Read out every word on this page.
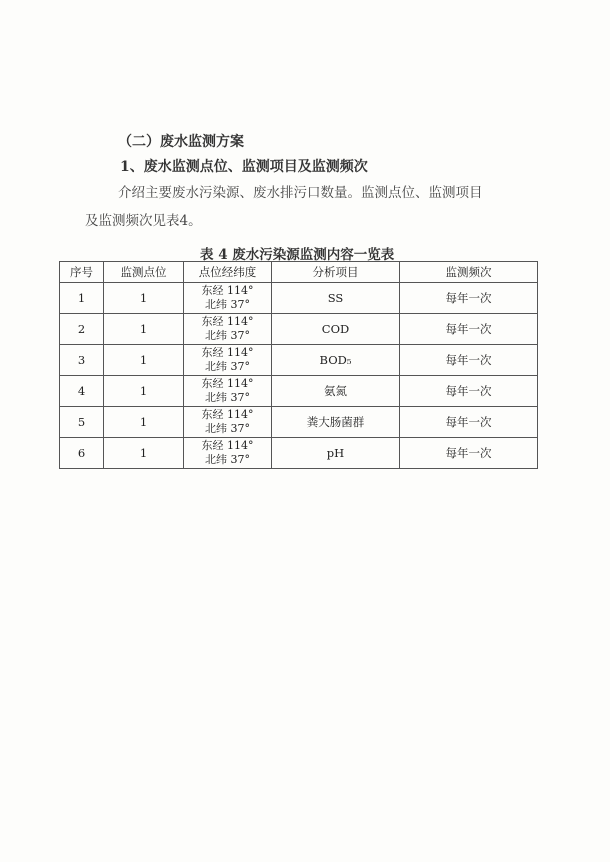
（二）废水监测方案
1、废水监测点位、监测项目及监测频次
介绍主要废水污染源、废水排污口数量。监测点位、监测项目
及监测频次见表4。
表 4 废水污染源监测内容一览表
序号	监测点位	点位经纬度	分析项目	监测频次
1	1	东经 114°
北纬 37°	SS	每年一次
2	1	东经 114°
北纬 37°	COD	每年一次
3	1	东经 114°
北纬 37°	BOD₅	每年一次
4	1	东经 114°
北纬 37°	氨氮	每年一次
5	1	东经 114°
北纬 37°	粪大肠菌群	每年一次
6	1	东经 114°
北纬 37°	pH	每年一次
